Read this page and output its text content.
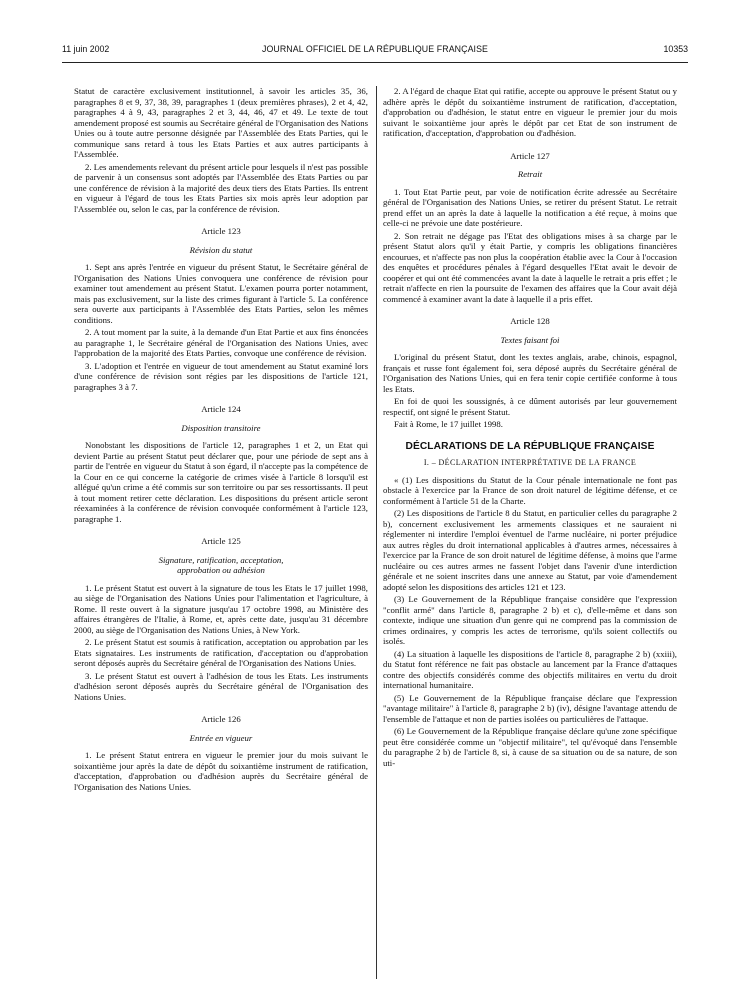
11 juin 2002	JOURNAL OFFICIEL DE LA RÉPUBLIQUE FRANÇAISE	10353

Statut de caractère exclusivement institutionnel, à savoir les articles 35, 36, paragraphes 8 et 9, 37, 38, 39, paragraphes 1 (deux premières phrases), 2 et 4, 42, paragraphes 4 à 9, 43, paragraphes 2 et 3, 44, 46, 47 et 49. Le texte de tout amendement proposé est soumis au Secrétaire général de l'Organisation des Nations Unies ou à toute autre personne désignée par l'Assemblée des Etats Parties, qui le communique sans retard à tous les Etats Parties et aux autres participants à l'Assemblée.

2. Les amendements relevant du présent article pour lesquels il n'est pas possible de parvenir à un consensus sont adoptés par l'Assemblée des Etats Parties ou par une conférence de révision à la majorité des deux tiers des Etats Parties. Ils entrent en vigueur à l'égard de tous les Etats Parties six mois après leur adoption par l'Assemblée ou, selon le cas, par la conférence de révision.

Article 123
Révision du statut

1. Sept ans après l'entrée en vigueur du présent Statut, le Secrétaire général de l'Organisation des Nations Unies convoquera une conférence de révision pour examiner tout amendement au présent Statut. L'examen pourra porter notamment, mais pas exclusivement, sur la liste des crimes figurant à l'article 5. La conférence sera ouverte aux participants à l'Assemblée des Etats Parties, selon les mêmes conditions.

2. A tout moment par la suite, à la demande d'un Etat Partie et aux fins énoncées au paragraphe 1, le Secrétaire général de l'Organisation des Nations Unies, avec l'approbation de la majorité des Etats Parties, convoque une conférence de révision.

3. L'adoption et l'entrée en vigueur de tout amendement au Statut examiné lors d'une conférence de révision sont régies par les dispositions de l'article 121, paragraphes 3 à 7.

Article 124
Disposition transitoire

Nonobstant les dispositions de l'article 12, paragraphes 1 et 2, un Etat qui devient Partie au présent Statut peut déclarer que, pour une période de sept ans à partir de l'entrée en vigueur du Statut à son égard, il n'accepte pas la compétence de la Cour en ce qui concerne la catégorie de crimes visée à l'article 8 lorsqu'il est allégué qu'un crime a été commis sur son territoire ou par ses ressortissants. Il peut à tout moment retirer cette déclaration. Les dispositions du présent article seront réexaminées à la conférence de révision convoquée conformément à l'article 123, paragraphe 1.

Article 125
Signature, ratification, acceptation,
approbation ou adhésion

1. Le présent Statut est ouvert à la signature de tous les Etats le 17 juillet 1998, au siège de l'Organisation des Nations Unies pour l'alimentation et l'agriculture, à Rome. Il reste ouvert à la signature jusqu'au 17 octobre 1998, au Ministère des affaires étrangères de l'Italie, à Rome, et, après cette date, jusqu'au 31 décembre 2000, au siège de l'Organisation des Nations Unies, à New York.

2. Le présent Statut est soumis à ratification, acceptation ou approbation par les Etats signataires. Les instruments de ratification, d'acceptation ou d'approbation seront déposés auprès du Secrétaire général de l'Organisation des Nations Unies.

3. Le présent Statut est ouvert à l'adhésion de tous les Etats. Les instruments d'adhésion seront déposés auprès du Secrétaire général de l'Organisation des Nations Unies.

Article 126
Entrée en vigueur

1. Le présent Statut entrera en vigueur le premier jour du mois suivant le soixantième jour après la date de dépôt du soixantième instrument de ratification, d'acceptation, d'approbation ou d'adhésion auprès du Secrétaire général de l'Organisation des Nations Unies.

2. A l'égard de chaque Etat qui ratifie, accepte ou approuve le présent Statut ou y adhère après le dépôt du soixantième instrument de ratification, d'acceptation, d'approbation ou d'adhésion, le statut entre en vigueur le premier jour du mois suivant le soixantième jour après le dépôt par cet Etat de son instrument de ratification, d'acceptation, d'approbation ou d'adhésion.

Article 127
Retrait

1. Tout Etat Partie peut, par voie de notification écrite adressée au Secrétaire général de l'Organisation des Nations Unies, se retirer du présent Statut. Le retrait prend effet un an après la date à laquelle la notification a été reçue, à moins que celle-ci ne prévoie une date postérieure.

2. Son retrait ne dégage pas l'Etat des obligations mises à sa charge par le présent Statut alors qu'il y était Partie, y compris les obligations financières encourues, et n'affecte pas non plus la coopération établie avec la Cour à l'occasion des enquêtes et procédures pénales à l'égard desquelles l'Etat avait le devoir de coopérer et qui ont été commencées avant la date à laquelle le retrait a pris effet ; le retrait n'affecte en rien la poursuite de l'examen des affaires que la Cour avait déjà commencé à examiner avant la date à laquelle il a pris effet.

Article 128
Textes faisant foi

L'original du présent Statut, dont les textes anglais, arabe, chinois, espagnol, français et russe font également foi, sera déposé auprès du Secrétaire général de l'Organisation des Nations Unies, qui en fera tenir copie certifiée conforme à tous les Etats.

En foi de quoi les soussignés, à ce dûment autorisés par leur gouvernement respectif, ont signé le présent Statut.

Fait à Rome, le 17 juillet 1998.

DÉCLARATIONS DE LA RÉPUBLIQUE FRANÇAISE
I. – DÉCLARATION INTERPRÉTATIVE DE LA FRANCE

« (1) Les dispositions du Statut de la Cour pénale internationale ne font pas obstacle à l'exercice par la France de son droit naturel de légitime défense, et ce conformément à l'article 51 de la Charte.

(2) Les dispositions de l'article 8 du Statut, en particulier celles du paragraphe 2 b), concernent exclusivement les armements classiques et ne sauraient ni réglementer ni interdire l'emploi éventuel de l'arme nucléaire, ni porter préjudice aux autres règles du droit international applicables à d'autres armes, nécessaires à l'exercice par la France de son droit naturel de légitime défense, à moins que l'arme nucléaire ou ces autres armes ne fassent l'objet dans l'avenir d'une interdiction générale et ne soient inscrites dans une annexe au Statut, par voie d'amendement adopté selon les dispositions des articles 121 et 123.

(3) Le Gouvernement de la République française considère que l'expression "conflit armé" dans l'article 8, paragraphe 2 b) et c), d'elle-même et dans son contexte, indique une situation d'un genre qui ne comprend pas la commission de crimes ordinaires, y compris les actes de terrorisme, qu'ils soient collectifs ou isolés.

(4) La situation à laquelle les dispositions de l'article 8, paragraphe 2 b) (xxiii), du Statut font référence ne fait pas obstacle au lancement par la France d'attaques contre des objectifs considérés comme des objectifs militaires en vertu du droit international humanitaire.

(5) Le Gouvernement de la République française déclare que l'expression "avantage militaire" à l'article 8, paragraphe 2 b) (iv), désigne l'avantage attendu de l'ensemble de l'attaque et non de parties isolées ou particulières de l'attaque.

(6) Le Gouvernement de la République française déclare qu'une zone spécifique peut être considérée comme un "objectif militaire", tel qu'évoqué dans l'ensemble du paragraphe 2 b) de l'article 8, si, à cause de sa situation ou de sa nature, de son uti-
